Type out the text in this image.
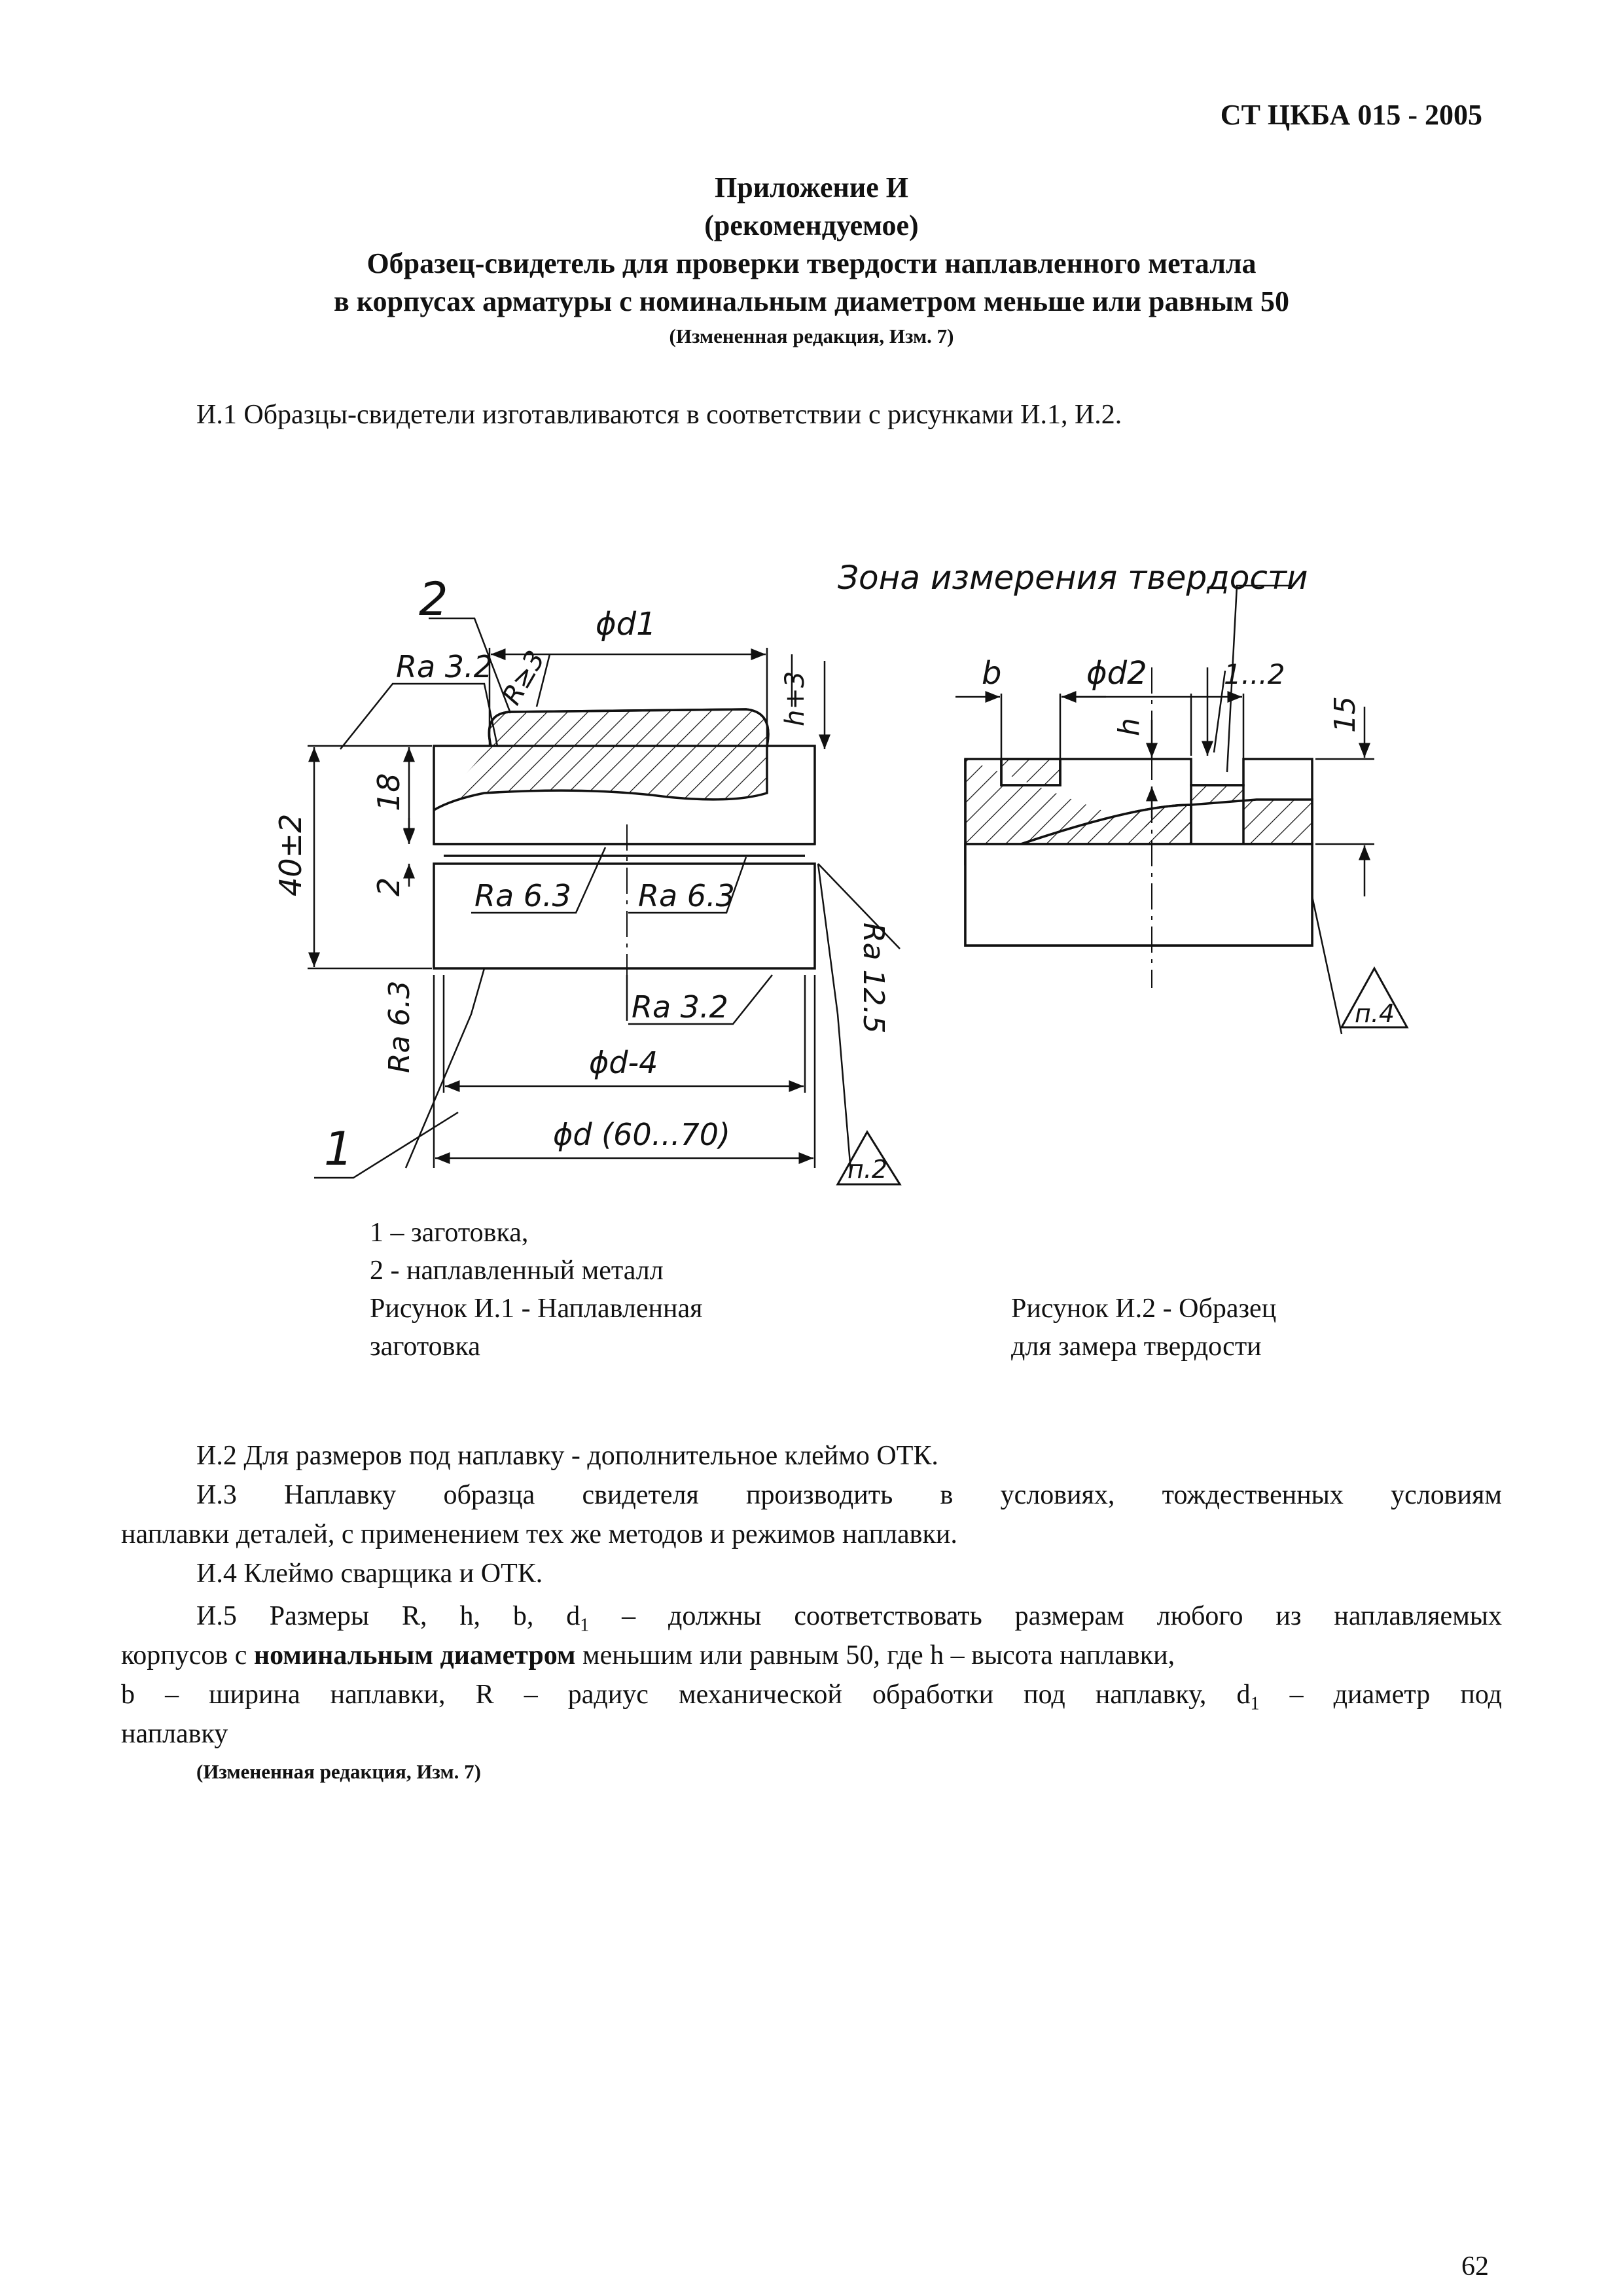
СТ ЦКБА 015 - 2005
Приложение И
(рекомендуемое)
Образец-свидетель для проверки твердости наплавленного металла
в корпусах арматуры с номинальным диаметром меньше или равным 50
(Измененная редакция, Изм. 7)
И.1 Образцы-свидетели изготавливаются в соответствии с рисунками И.1, И.2.
2	ϕd1
h+3
R≥3
Ra 3.2
40±2
18
2 Ra 6.3 Ra 6.3
Ra 3.2	Ra 12.5
Ra 6.3	ϕd-4
ϕd (60...70)
1	п.2
Зона измерения твердости
b	ϕd2	1...2
h	15
п.4
1 – заготовка,
2 - наплавленный металл
Рисунок И.1 - Наплавленная
заготовка
Рисунок И.2 - Образец
для замера твердости
И.2 Для размеров под наплавку - дополнительное клеймо ОТК.
И.3 Наплавку образца свидетеля производить в условиях, тождественных условиям
наплавки деталей, с применением тех же методов и режимов наплавки.
И.4 Клеймо сварщика и ОТК.
И.5 Размеры R, h, b, $d_1$ – должны соответствовать размерам любого из наплавляемых
корпусов с номинальным диаметром меньшим или равным 50, где h – высота наплавки,
b – ширина наплавки, R – радиус механической обработки под наплавку, $d_1$ – диаметр под
наплавку
(Измененная редакция, Изм. 7)
62
